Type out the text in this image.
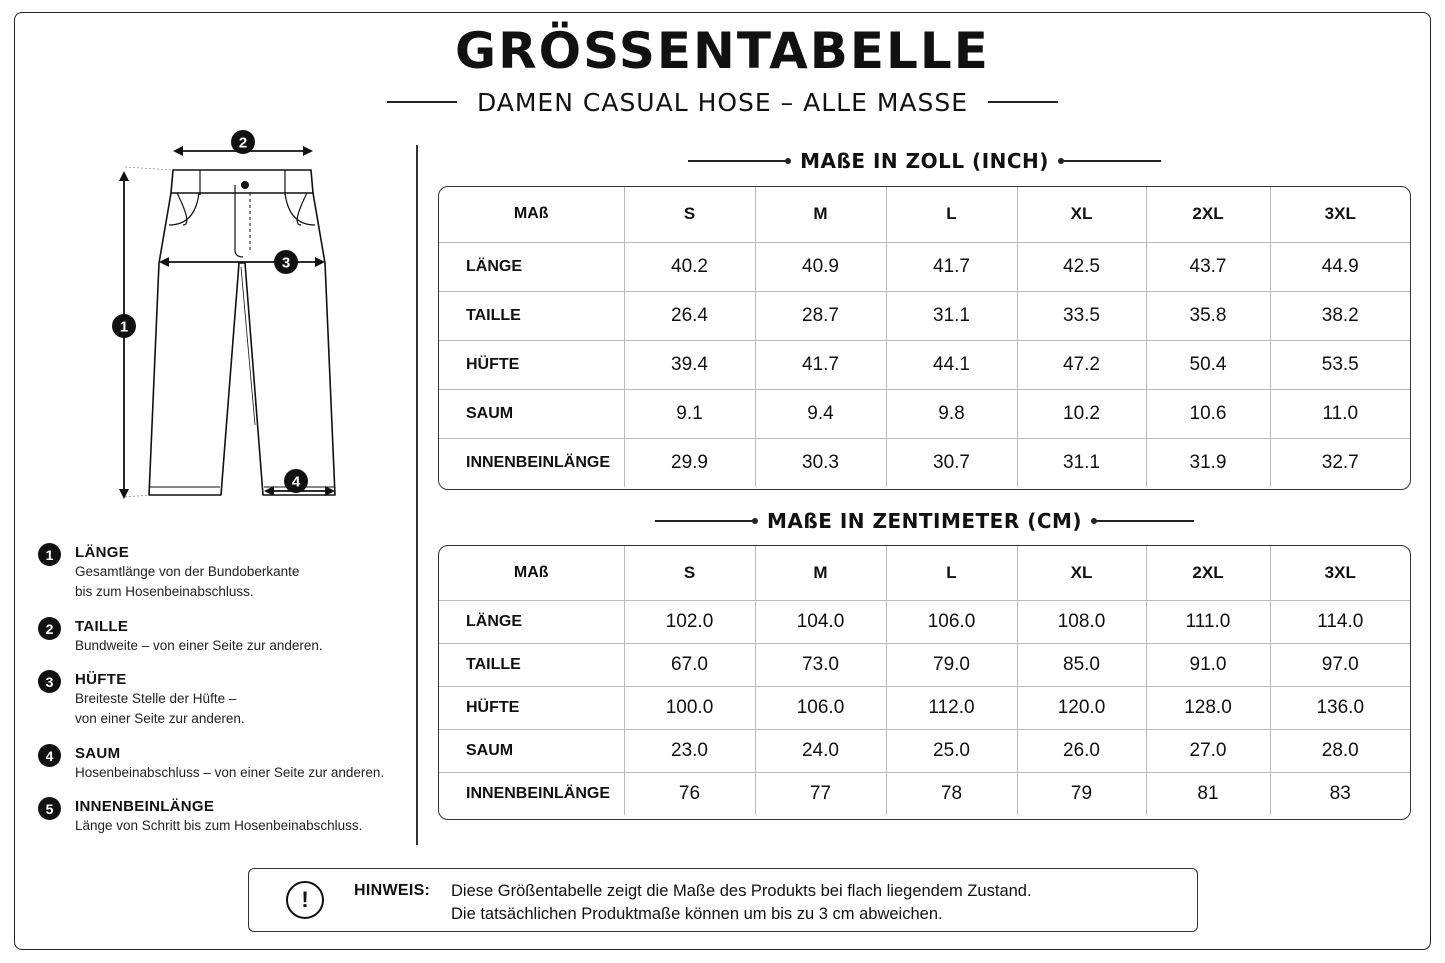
GRÖSSENTABELLE
DAMEN CASUAL HOSE – ALLE MASSE
1
2
3
4
1	LÄNGE
Gesamtlänge von der Bundoberkante
bis zum Hosenbeinabschluss.
2	TAILLE
Bundweite – von einer Seite zur anderen.
3	HÜFTE
Breiteste Stelle der Hüfte –
von einer Seite zur anderen.
4	SAUM
Hosenbeinabschluss – von einer Seite zur anderen.
5	INNENBEINLÄNGE
Länge von Schritt bis zum Hosenbeinabschluss.
MAßE IN ZOLL (INCH)
MAß	S	M	L	XL	2XL	3XL
LÄNGE	40.2	40.9	41.7	42.5	43.7	44.9
TAILLE	26.4	28.7	31.1	33.5	35.8	38.2
HÜFTE	39.4	41.7	44.1	47.2	50.4	53.5
SAUM	9.1	9.4	9.8	10.2	10.6	11.0
INNENBEINLÄNGE	29.9	30.3	30.7	31.1	31.9	32.7
MAßE IN ZENTIMETER (CM)
MAß	S	M	L	XL	2XL	3XL
LÄNGE	102.0	104.0	106.0	108.0	111.0	114.0
TAILLE	67.0	73.0	79.0	85.0	91.0	97.0
HÜFTE	100.0	106.0	112.0	120.0	128.0	136.0
SAUM	23.0	24.0	25.0	26.0	27.0	28.0
INNENBEINLÄNGE	76	77	78	79	81	83
!	HINWEIS: Diese Größentabelle zeigt die Maße des Produkts bei flach liegendem Zustand.
Die tatsächlichen Produktmaße können um bis zu 3 cm abweichen.
